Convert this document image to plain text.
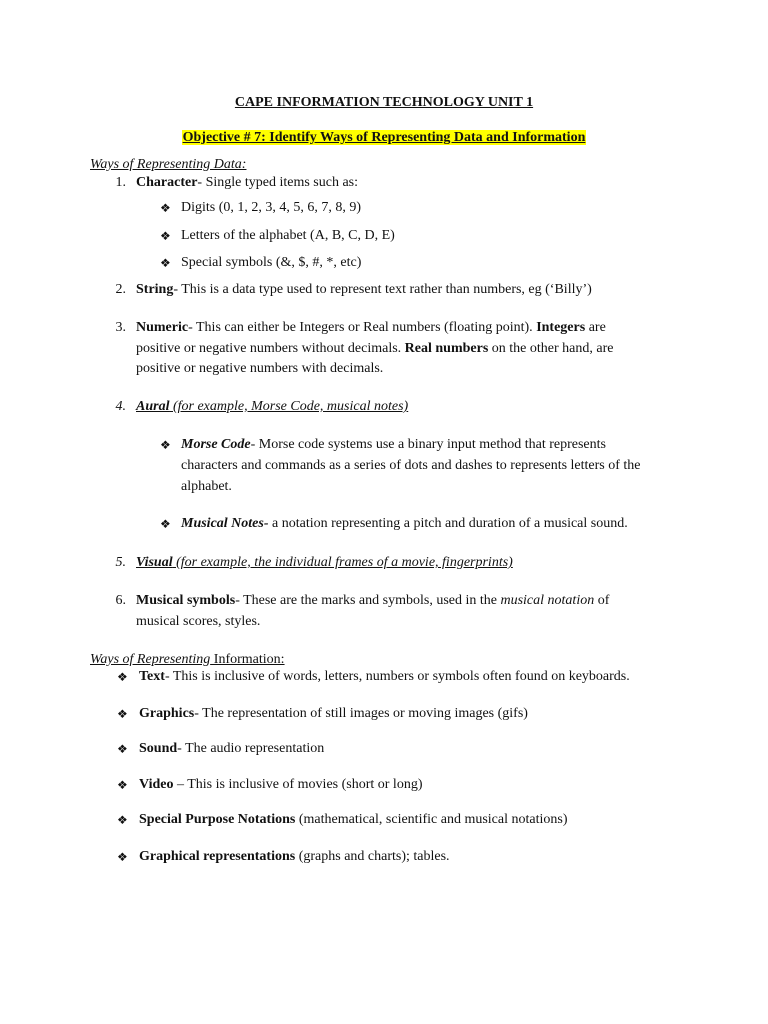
CAPE INFORMATION TECHNOLOGY UNIT 1
Objective # 7: Identify Ways of Representing Data and Information
Ways of Representing Data:
1. Character- Single typed items such as:
❖ Digits (0, 1, 2, 3, 4, 5, 6, 7, 8, 9)
❖ Letters of the alphabet (A, B, C, D, E)
❖ Special symbols (&, $, #, *, etc)
2. String- This is a data type used to represent text rather than numbers, eg (‘Billy’)
3. Numeric- This can either be Integers or Real numbers (floating point). Integers are
positive or negative numbers without decimals. Real numbers on the other hand, are
positive or negative numbers with decimals.
4. Aural (for example, Morse Code, musical notes)
❖ Morse Code- Morse code systems use a binary input method that represents
characters and commands as a series of dots and dashes to represents letters of the
alphabet.
❖ Musical Notes- a notation representing a pitch and duration of a musical sound.
5. Visual (for example, the individual frames of a movie, fingerprints)
6. Musical symbols- These are the marks and symbols, used in the musical notation of
musical scores, styles.
Ways of Representing Information:
❖ Text- This is inclusive of words, letters, numbers or symbols often found on keyboards.
❖ Graphics- The representation of still images or moving images (gifs)
❖ Sound- The audio representation
❖ Video – This is inclusive of movies (short or long)
❖ Special Purpose Notations (mathematical, scientific and musical notations)
❖ Graphical representations (graphs and charts); tables.
